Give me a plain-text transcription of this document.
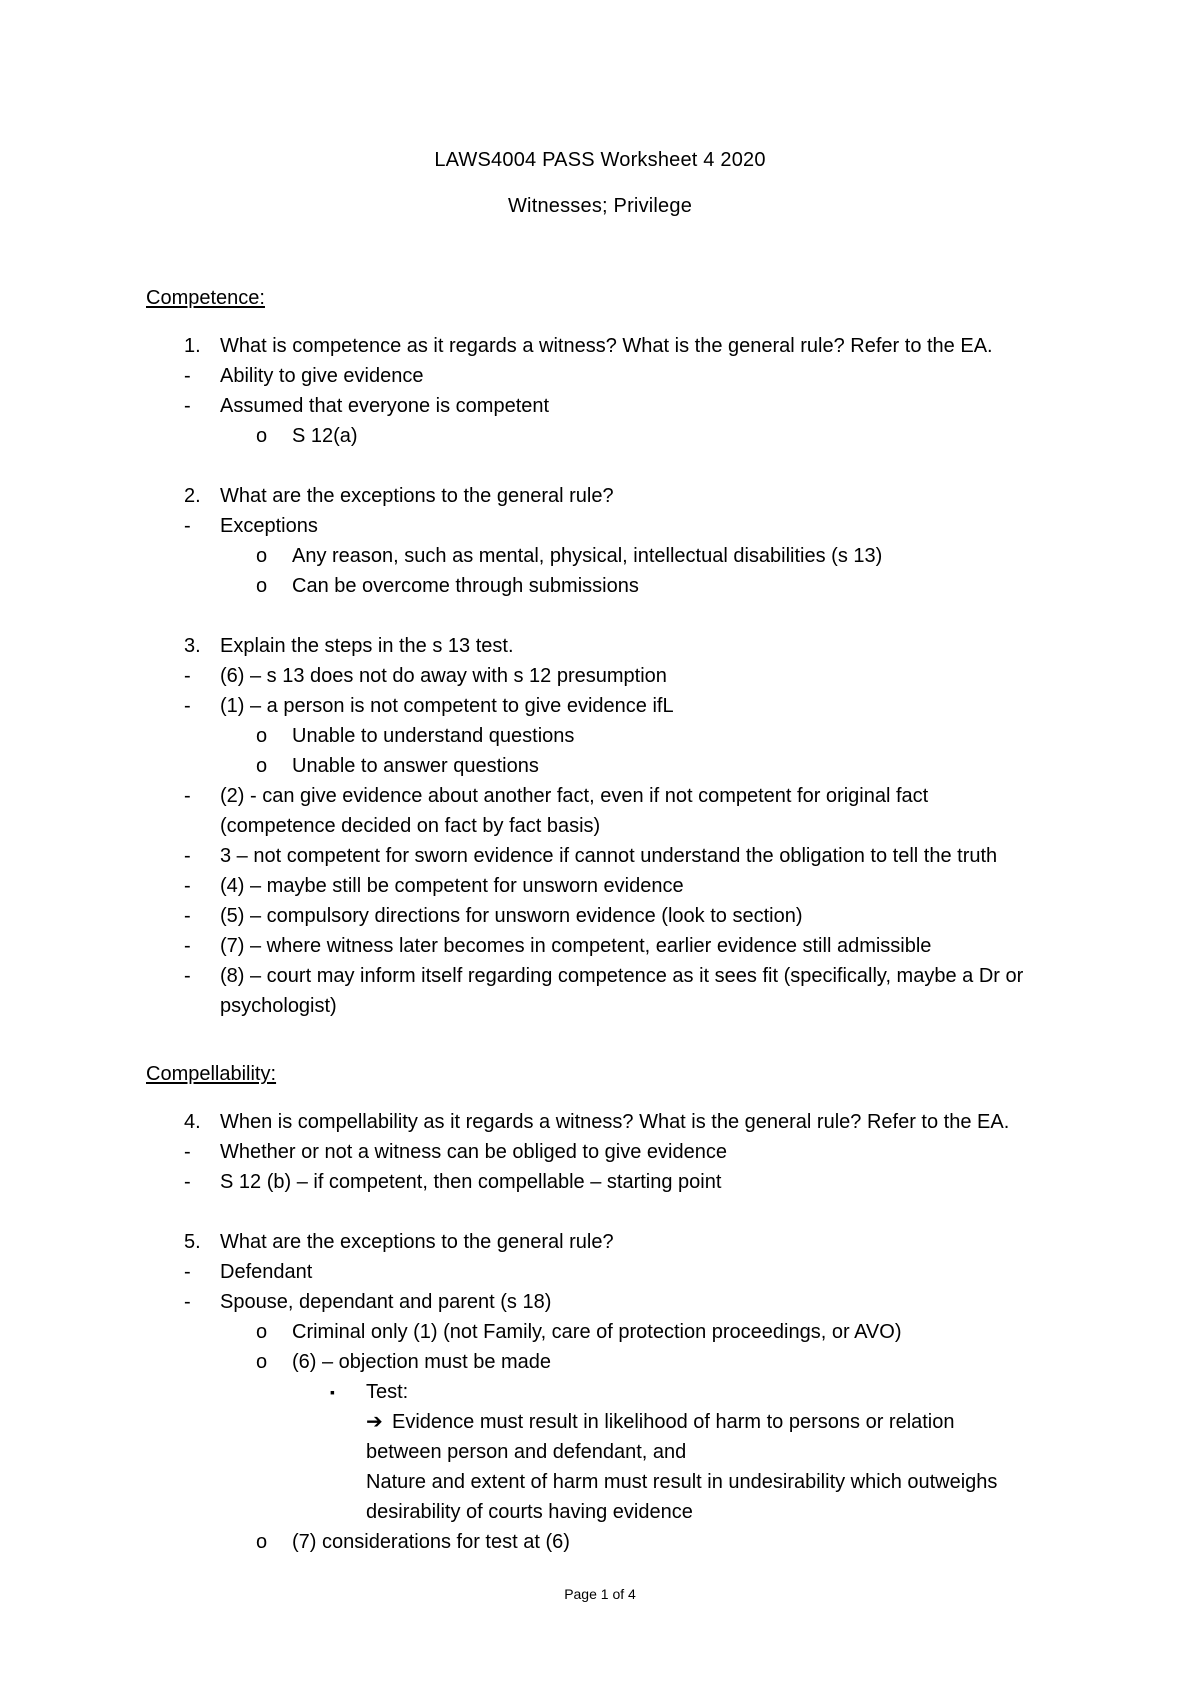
LAWS4004 PASS Worksheet 4 2020
Witnesses; Privilege
Competence:
1. What is competence as it regards a witness? What is the general rule? Refer to the EA.
- Ability to give evidence
- Assumed that everyone is competent
o S 12(a)
2. What are the exceptions to the general rule?
- Exceptions
o Any reason, such as mental, physical, intellectual disabilities (s 13)
o Can be overcome through submissions
3. Explain the steps in the s 13 test.
- (6) – s 13 does not do away with s 12 presumption
- (1) – a person is not competent to give evidence ifL
o Unable to understand questions
o Unable to answer questions
- (2) - can give evidence about another fact, even if not competent for original fact
(competence decided on fact by fact basis)
- 3 – not competent for sworn evidence if cannot understand the obligation to tell the truth
- (4) – maybe still be competent for unsworn evidence
- (5) – compulsory directions for unsworn evidence (look to section)
- (7) – where witness later becomes in competent, earlier evidence still admissible
- (8) – court may inform itself regarding competence as it sees fit (specifically, maybe a Dr or
psychologist)
Compellability:
4. When is compellability as it regards a witness? What is the general rule? Refer to the EA.
- Whether or not a witness can be obliged to give evidence
- S 12 (b) – if competent, then compellable – starting point
5. What are the exceptions to the general rule?
- Defendant
- Spouse, dependant and parent (s 18)
o Criminal only (1) (not Family, care of protection proceedings, or AVO)
o (6) – objection must be made
▪ Test:
➔ Evidence must result in likelihood of harm to persons or relation
between person and defendant, and
Nature and extent of harm must result in undesirability which outweighs
desirability of courts having evidence
o (7) considerations for test at (6)
Page 1 of 4
